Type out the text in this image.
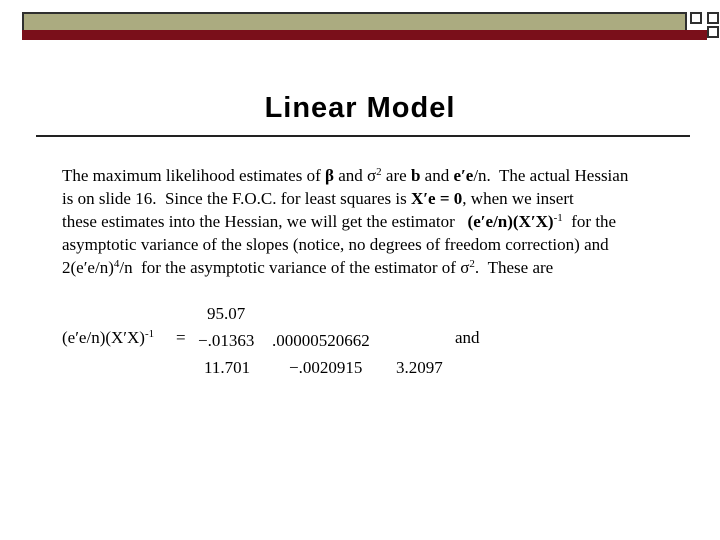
Linear Model
The maximum likelihood estimates of β and $\sigma^2$ are b and e′e/n.  The actual Hessian
is on slide 16.  Since the F.O.C. for least squares is X′e = 0, when we insert
these estimates into the Hessian, we will get the estimator   $(e'e/n)(X'X)^{-1}$  for the
asymptotic variance of the slopes (notice, no degrees of freedom correction) and
$2(e'e/n)^4/n$  for the asymptotic variance of the estimator of $\sigma^2$.  These are
$(e'e/n)(X'X)^{-1}$ =
95.07
−.01363 .00000520662
11.701 −.0020915 3.2097
and
